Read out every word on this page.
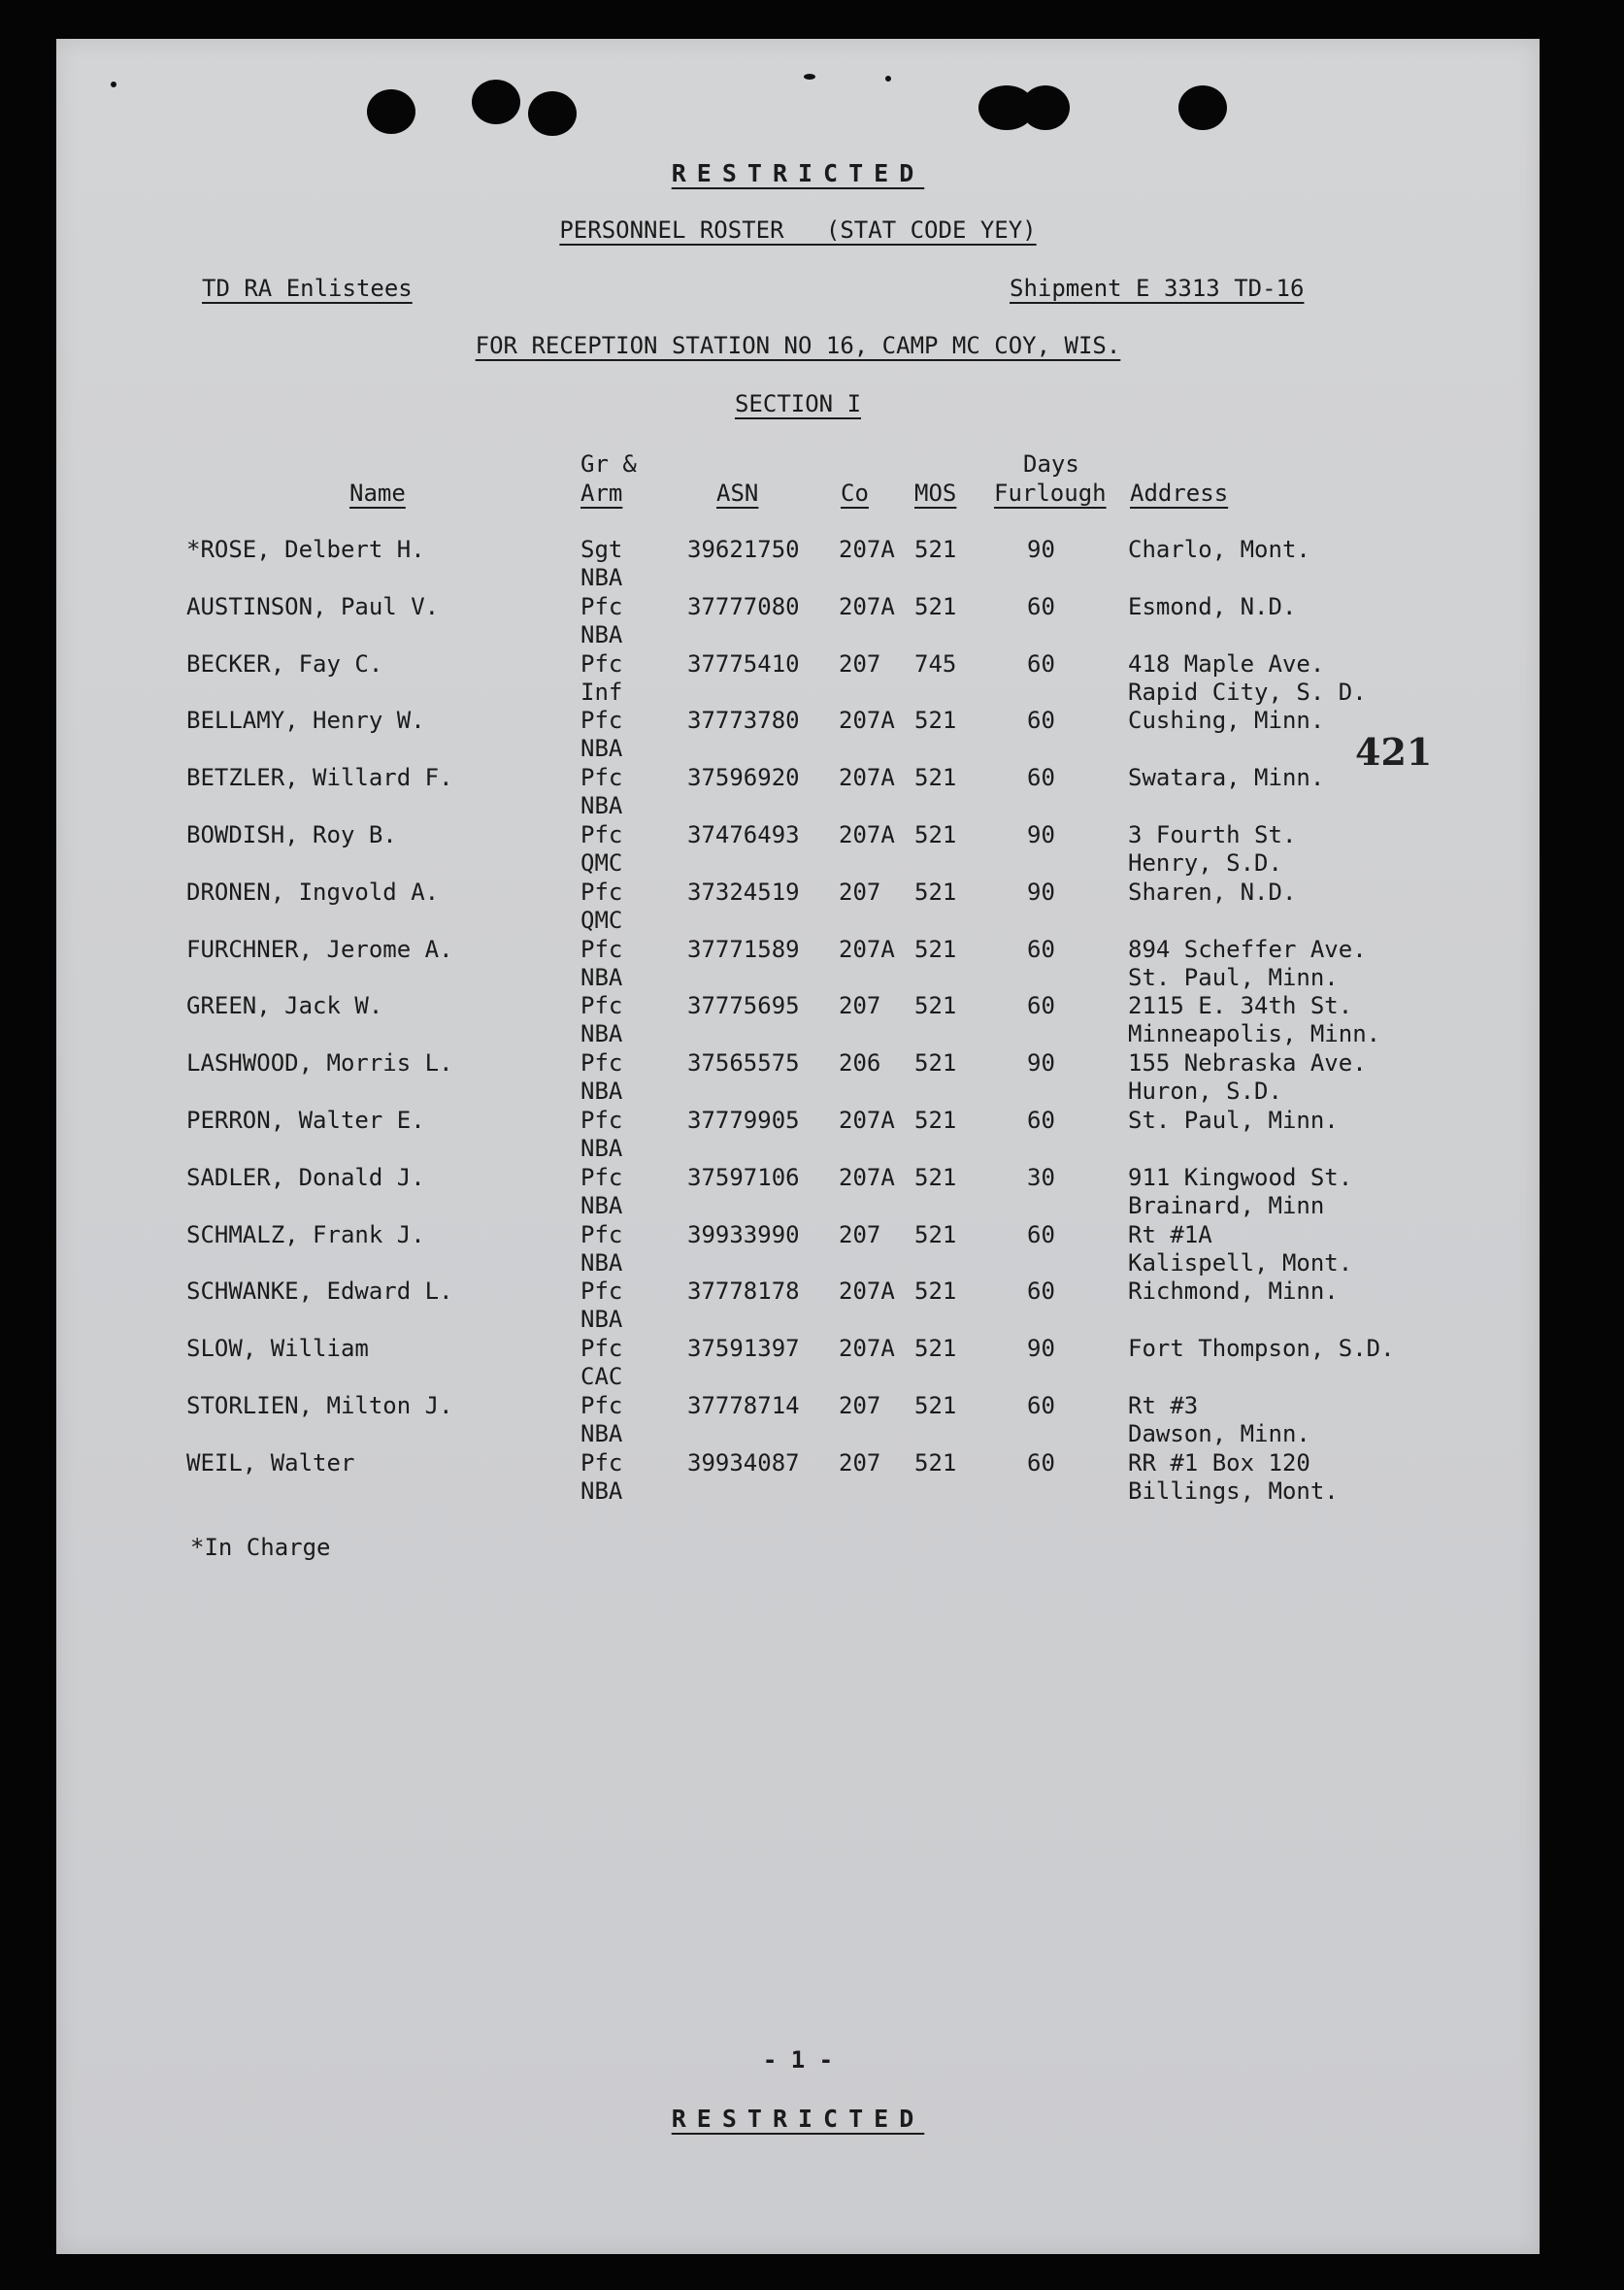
RESTRICTED
PERSONNEL ROSTER   (STAT CODE YEY)
TD RA Enlistees	Shipment E 3313 TD-16
FOR RECEPTION STATION NO 16, CAMP MC COY, WIS.
SECTION I
Gr &	Days
Name	Arm	ASN	Co MOS Furlough Address
*ROSE, Delbert H.	Sgt	39621750 207A 521	90	Charlo, Mont.
NBA
AUSTINSON, Paul V.	Pfc	37777080 207A 521	60	Esmond, N.D.
NBA
BECKER, Fay C.	Pfc	37775410 207 745	60	418 Maple Ave.
Inf	Rapid City, S. D.
BELLAMY, Henry W.	Pfc	37773780 207A 521	60	Cushing, Minn.
NBA
BETZLER, Willard F.	Pfc	37596920 207A 521	60	Swatara, Minn.
NBA
BOWDISH, Roy B.	Pfc	37476493 207A 521	90	3 Fourth St.
QMC	Henry, S.D.
DRONEN, Ingvold A.	Pfc	37324519 207 521	90	Sharen, N.D.
QMC
FURCHNER, Jerome A.	Pfc	37771589 207A 521	60	894 Scheffer Ave.
NBA	St. Paul, Minn.
GREEN, Jack W.	Pfc	37775695 207 521	60	2115 E. 34th St.
NBA	Minneapolis, Minn.
LASHWOOD, Morris L.	Pfc	37565575 206 521	90	155 Nebraska Ave.
NBA	Huron, S.D.
PERRON, Walter E.	Pfc	37779905 207A 521	60	St. Paul, Minn.
NBA
SADLER, Donald J.	Pfc	37597106 207A 521	30	911 Kingwood St.
NBA	Brainard, Minn
SCHMALZ, Frank J.	Pfc	39933990 207 521	60	Rt #1A
NBA	Kalispell, Mont.
SCHWANKE, Edward L.	Pfc	37778178 207A 521	60	Richmond, Minn.
NBA
SLOW, William	Pfc	37591397 207A 521	90	Fort Thompson, S.D.
CAC
STORLIEN, Milton J.	Pfc	37778714 207 521	60	Rt #3
NBA	Dawson, Minn.
WEIL, Walter	Pfc	39934087 207 521	60	RR #1 Box 120
NBA	Billings, Mont.
421
*In Charge
- 1 -
RESTRICTED
